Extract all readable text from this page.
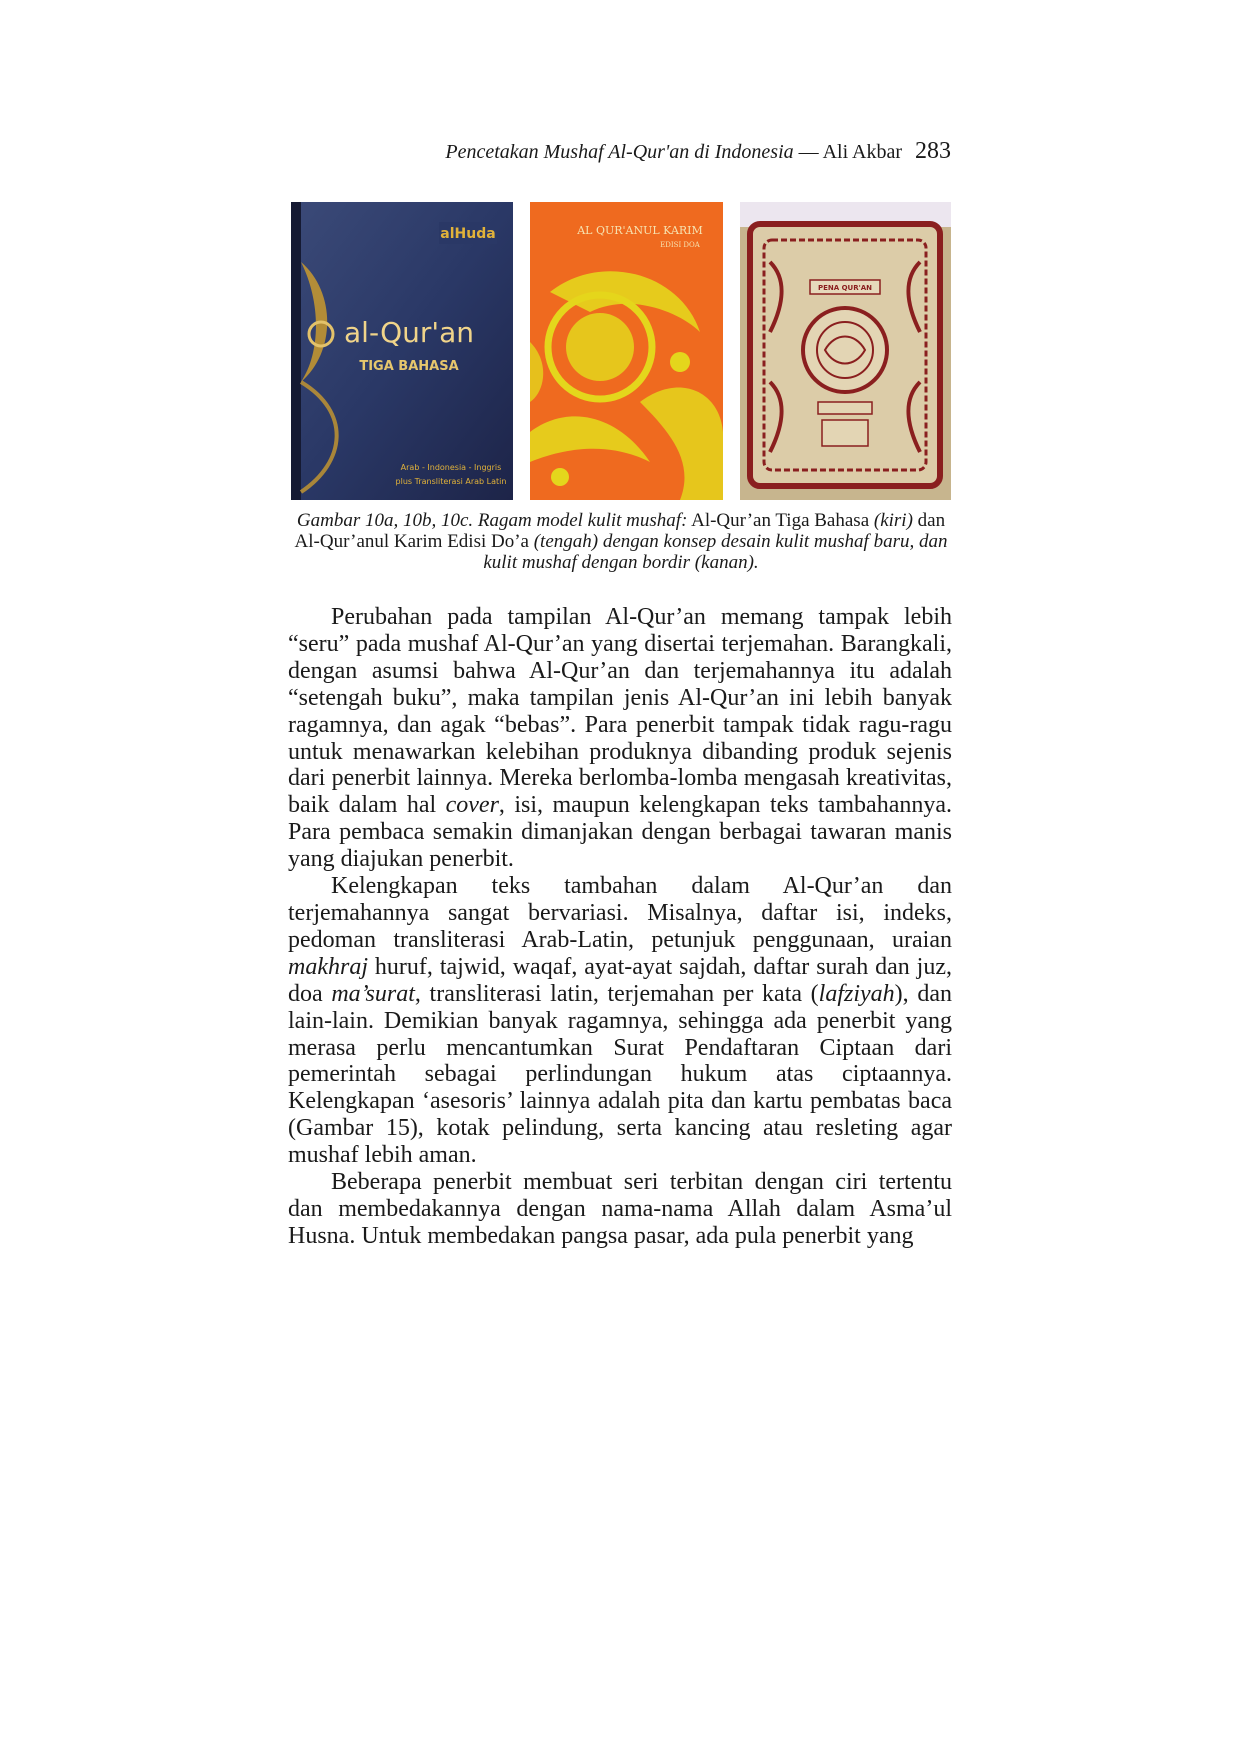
Pencetakan Mushaf Al-Qur'an di Indonesia — Ali Akbar 283
alHuda
al-Qur'an
TIGA BAHASA
Arab - Indonesia - Inggris
plus Transliterasi Arab Latin
AL QUR'ANUL KARIM
EDISI DOA
PENA QUR'AN
Gambar 10a, 10b, 10c. Ragam model kulit mushaf: Al-Qur’an Tiga Bahasa (kiri) dan Al-Qur’anul Karim Edisi Do’a (tengah) dengan konsep desain kulit mushaf baru, dan kulit mushaf dengan bordir (kanan).

Perubahan pada tampilan Al-Qur’an memang tampak lebih “seru” pada mushaf Al-Qur’an yang disertai terjemahan. Barangkali, dengan asumsi bahwa Al-Qur’an dan terjemahannya itu adalah “setengah buku”, maka tampilan jenis Al-Qur’an ini lebih banyak ragamnya, dan agak “bebas”. Para penerbit tampak tidak ragu-ragu untuk menawarkan kelebihan produknya dibanding produk sejenis dari penerbit lainnya. Mereka berlomba-lomba mengasah kreativitas, baik dalam hal cover, isi, maupun kelengkapan teks tambahannya. Para pembaca semakin dimanjakan dengan berbagai tawaran manis yang diajukan penerbit.

Kelengkapan teks tambahan dalam Al-Qur’an dan terjemahannya sangat bervariasi. Misalnya, daftar isi, indeks, pedoman transliterasi Arab-Latin, petunjuk penggunaan, uraian makhraj huruf, tajwid, waqaf, ayat-ayat sajdah, daftar surah dan juz, doa ma’surat, transliterasi latin, terjemahan per kata (lafziyah), dan lain-lain. Demikian banyak ragamnya, sehingga ada penerbit yang merasa perlu mencantumkan Surat Pendaftaran Ciptaan dari pemerintah sebagai perlindungan hukum atas ciptaannya. Kelengkapan ‘asesoris’ lainnya adalah pita dan kartu pembatas baca (Gambar 15), kotak pelindung, serta kancing atau resleting agar mushaf lebih aman.

Beberapa penerbit membuat seri terbitan dengan ciri tertentu dan membedakannya dengan nama-nama Allah dalam Asma’ul Husna. Untuk membedakan pangsa pasar, ada pula penerbit yang
